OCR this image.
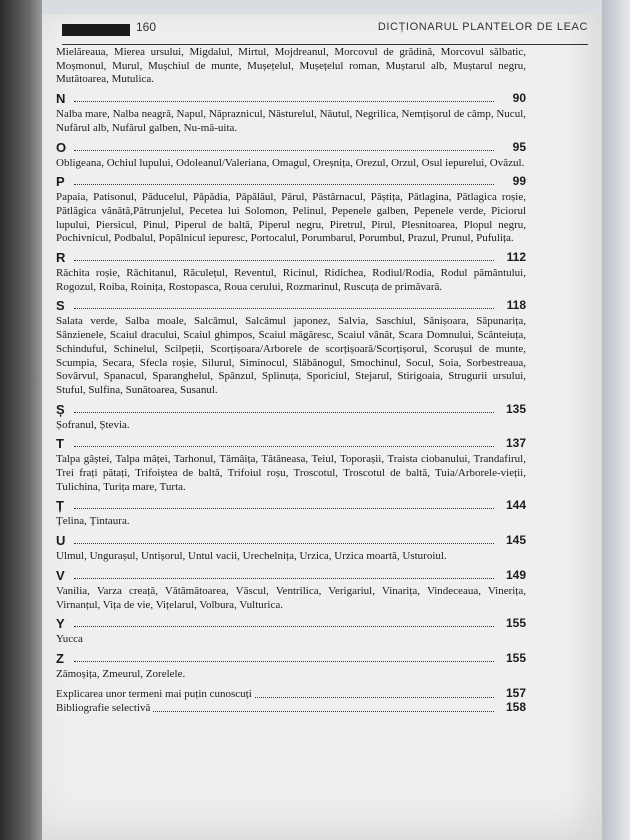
160	DICȚIONARUL PLANTELOR DE LEAC

Mielăreaua, Mierea ursului, Migdalul, Mirtul, Mojdreanul, Morcovul de grădină, Morcovul sălbatic, Moșmonul, Murul, Mușchiul de munte, Mușețelul, Mușețelul roman, Muștarul alb, Muștarul negru, Mutătoarea, Mutulica.

N	90

Nalba mare, Nalba neagră, Napul, Năpraznicul, Năsturelul, Năutul, Negrilica, Nemțișorul de câmp, Nucul, Nufărul alb, Nufărul galben, Nu-mă-uita.

O	95

Obligeana, Ochiul lupului, Odoleanul/Valeriana, Omagul, Oreșnița, Orezul, Orzul, Osul iepurelui, Ovăzul.

P	99

Papaia, Patisonul, Păducelul, Păpădia, Păpălăul, Părul, Păstârnacul, Păștița, Pătlagina, Pătlagica roșie, Pătlăgica vânătă,Pătrunjelul, Pecetea lui Solomon, Pelinul, Pepenele galben, Pepenele verde, Piciorul lupului, Piersicul, Pinul, Piperul de baltă, Piperul negru, Piretrul, Pirul, Plesnitoarea, Plopul negru, Pochivnicul, Podbalul, Popâlnicul iepuresc, Portocalul, Porumbarul, Porumbul, Prazul, Prunul, Pufulița.

R	112

Răchita roșie, Răchitanul, Răculețul, Reventul, Ricinul, Ridichea, Rodiul/Rodia, Rodul pământului, Rogozul, Roiba, Roinița, Rostopasca, Roua cerului, Rozmarinul, Ruscuța de primăvară.

S	118

Salata verde, Salba moale, Salcâmul, Salcâmul japonez, Salvia, Saschiul, Sânișoara, Săpunarița, Sânzienele, Scaiul dracului, Scaiul ghimpos, Scaiul măgăresc, Scaiul vânăt, Scara Domnului, Scânteiuța, Schinduful, Schinelul, Scilpeții, Scorțișoara/Arborele de scorțișoară/Scorțișorul, Scorușul de munte, Scumpia, Secara, Sfecla roșie, Silurul, Siminocul, Slăbănogul, Smochinul, Socul, Soia, Sorbestreaua, Sovârvul, Spanacul, Sparanghelul, Spânzul, Splinuța, Sporiciul, Stejarul, Stirigoaia, Strugurii ursului, Stuful, Sulfina, Sunătoarea, Susanul.

Ș	135

Șofranul, Ștevia.

T	137

Talpa gâștei, Talpa mâței, Tarhonul, Tămâița, Tătăneasa, Teiul, Toporașii, Traista ciobanului, Trandafirul, Trei frați pătați, Trifoiștea de baltă, Trifoiul roșu, Troscotul, Troscotul de baltă, Tuia/Arborele-vieții, Tulichina, Turița mare, Turta.

Ț	144

Țelina, Țintaura.

U	145

Ulmul, Ungurașul, Untișorul, Untul vacii, Urechelnița, Urzica, Urzica moartă, Usturoiul.

V	149

Vanilia, Varza creață, Vătămătoarea, Văscul, Ventrilica, Verigariul, Vinarița, Vindeceaua, Vinerița, Virnanțul, Vița de vie, Vițelarul, Volbura, Vulturica.

Y	155

Yucca

Z	155

Zămoșița, Zmeurul, Zorelele.

Explicarea unor termeni mai puțin cunoscuți	157
Bibliografie selectivă	158
